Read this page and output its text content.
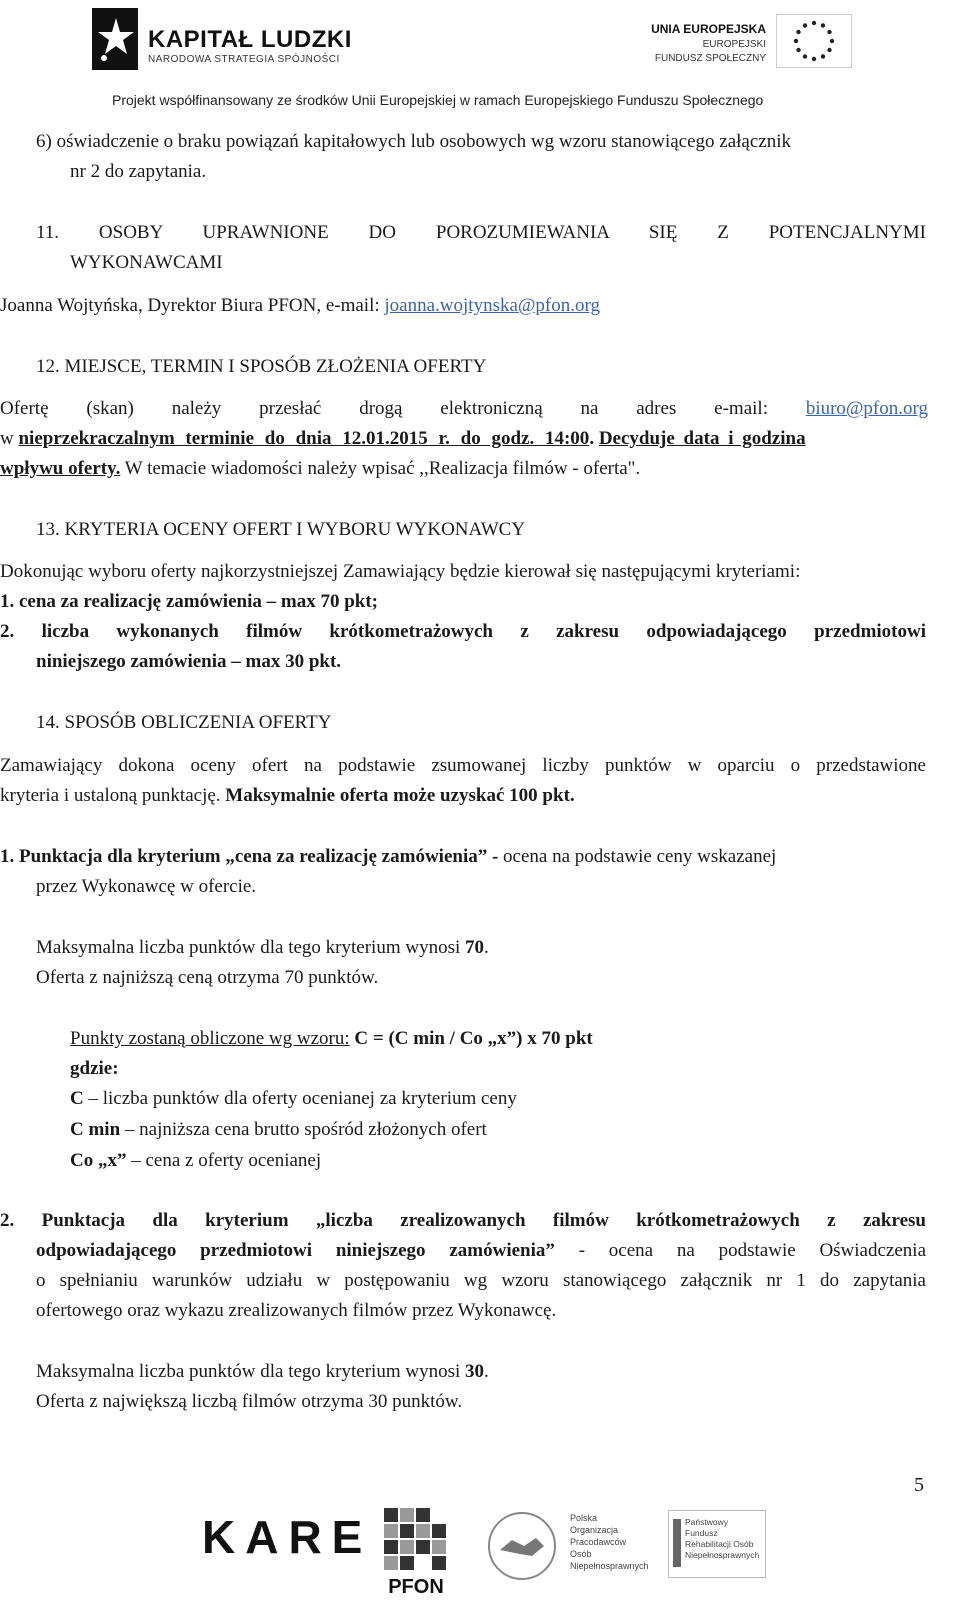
KAPITAŁ LUDZKI
NARODOWA STRATEGIA SPÓJNOŚCI
UNIA EUROPEJSKA
EUROPEJSKI
FUNDUSZ SPOŁECZNY
Projekt współfinansowany ze środków Unii Europejskiej w ramach Europejskiego Funduszu Społecznego
6) oświadczenie o braku powiązań kapitałowych lub osobowych wg wzoru stanowiącego załącznik
nr 2 do zapytania.
11. OSOBY UPRAWNIONE DO POROZUMIEWANIA SIĘ Z POTENCJALNYMI
WYKONAWCAMI
Joanna Wojtyńska, Dyrektor Biura PFON, e-mail: joanna.wojtynska@pfon.org
12. MIEJSCE, TERMIN I SPOSÓB ZŁOŻENIA OFERTY
Ofertę (skan) należy przesłać drogą elektroniczną na adres e-mail: biuro@pfon.org
w nieprzekraczalnym terminie do dnia 12.01.2015 r. do godz. 14:00. Decyduje data i godzina
wpływu oferty. W temacie wiadomości należy wpisać ,,Realizacja filmów - oferta".
13. KRYTERIA OCENY OFERT I WYBORU WYKONAWCY
Dokonując wyboru oferty najkorzystniejszej Zamawiający będzie kierował się następującymi kryteriami:
1. cena za realizację zamówienia – max 70 pkt;
2. liczba wykonanych filmów krótkometrażowych z zakresu odpowiadającego przedmiotowi
niniejszego zamówienia – max 30 pkt.
14. SPOSÓB OBLICZENIA OFERTY
Zamawiający dokona oceny ofert na podstawie zsumowanej liczby punktów w oparciu o przedstawione
kryteria i ustaloną punktację. Maksymalnie oferta może uzyskać 100 pkt.
1. Punktacja dla kryterium „cena za realizację zamówienia” - ocena na podstawie ceny wskazanej
przez Wykonawcę w ofercie.
Maksymalna liczba punktów dla tego kryterium wynosi 70.
Oferta z najniższą ceną otrzyma 70 punktów.
Punkty zostaną obliczone wg wzoru: C = (C min / Co „x”) x 70 pkt
gdzie:
C – liczba punktów dla oferty ocenianej za kryterium ceny
C min – najniższa cena brutto spośród złożonych ofert
Co „x” – cena z oferty ocenianej
2. Punktacja dla kryterium „liczba zrealizowanych filmów krótkometrażowych z zakresu
odpowiadającego przedmiotowi niniejszego zamówienia” - ocena na podstawie Oświadczenia
o spełnianiu warunków udziału w postępowaniu wg wzoru stanowiącego załącznik nr 1 do zapytania
ofertowego oraz wykazu zrealizowanych filmów przez Wykonawcę.
Maksymalna liczba punktów dla tego kryterium wynosi 30.
Oferta z największą liczbą filmów otrzyma 30 punktów.
5
KARE
PFON
Polska Organizacja Pracodawców Osób Niepełnosprawnych
Państwowy Fundusz Rehabilitacji Osób Niepełnosprawnych
